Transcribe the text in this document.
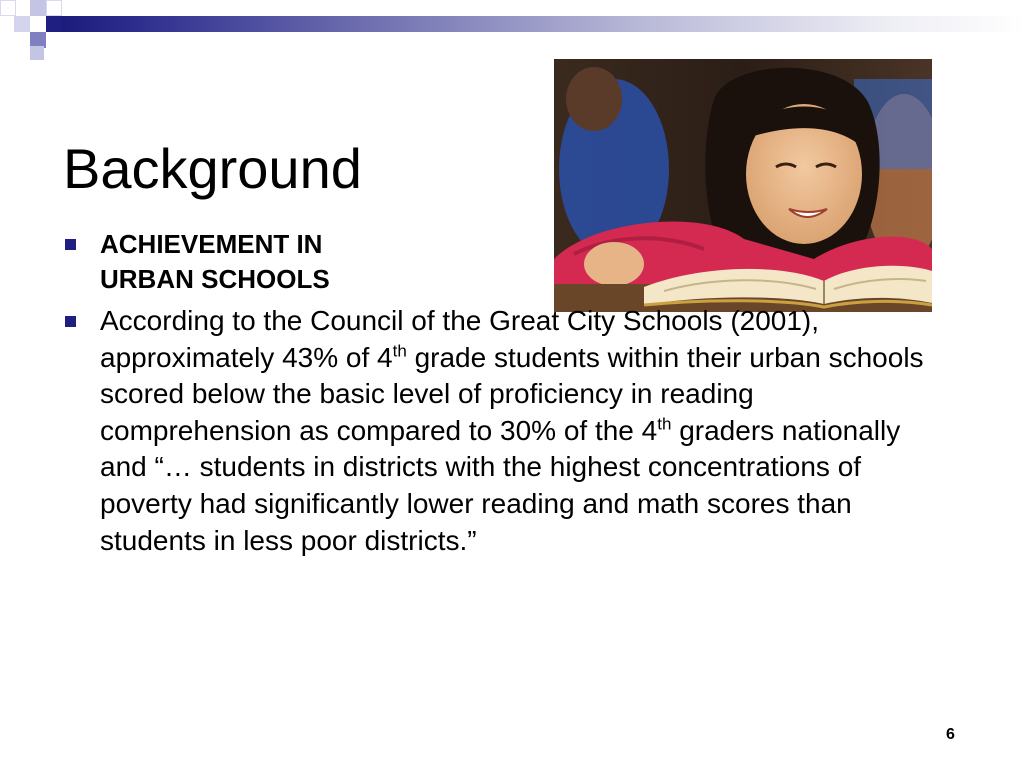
Background
ACHIEVEMENT IN
URBAN SCHOOLS
According to the Council of the Great City Schools (2001), approximately 43% of 4th grade students within their urban schools scored below the basic level of proficiency in reading comprehension as compared to 30% of the 4th graders nationally and “… students in districts with the highest concentrations of poverty had significantly lower reading and math scores than students in less poor districts.”
6
